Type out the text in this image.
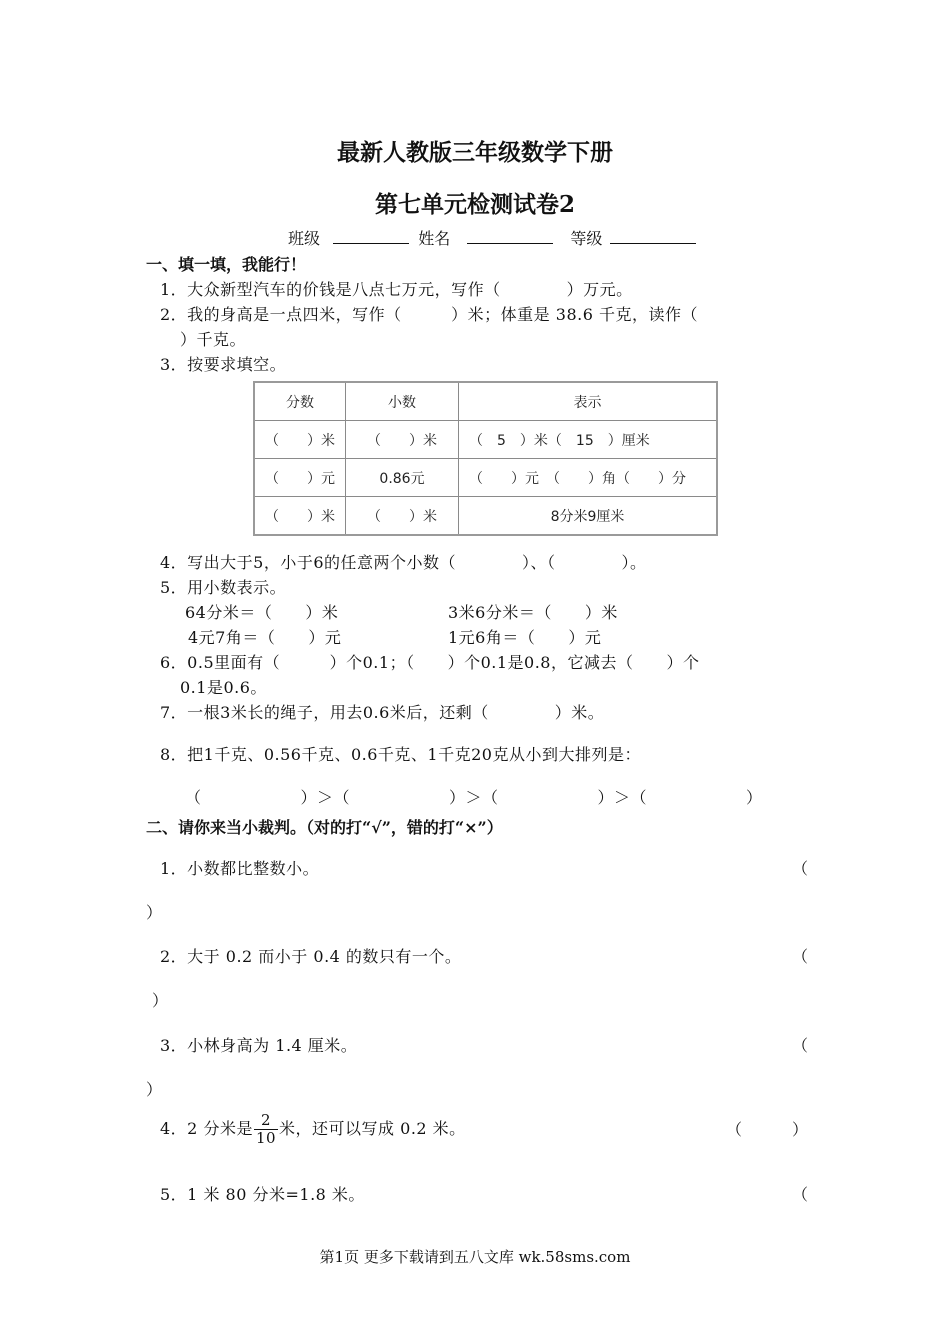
最新人教版三年级数学下册
第七单元检测试卷2
班级	姓名	等级
一、填一填，我能行！
1．大众新型汽车的价钱是八点七万元，写作（　　　　）万元。
2．我的身高是一点四米，写作（　　　）米；体重是 38.6 千克，读作（
）千克。
3．按要求填空。
分数	小数	表示
（　　）米	（　　）米	（　5　）米（　15　）厘米
（　　）元	0.86元	（　　）元　（　　）角（　　）分
（　　）米	（　　）米	8分米9厘米
4．写出大于5，小于6的任意两个小数（　　　　）、（　　　　）。
5．用小数表示。
64分米＝（　　）米	3米6分米＝（　　）米
4元7角＝（　　）元	1元6角＝（　　）元
6．0.5里面有（　　　）个0.1；（　　）个0.1是0.8，它减去（　　）个
0.1是0.6。
7．一根3米长的绳子，用去0.6米后，还剩（　　　　）米。
8．把1千克、0.56千克、0.6千克、1千克20克从小到大排列是：
（　　　　　　）＞（　　　　　　）＞（　　　　　　）＞（　　　　　　）
二、请你来当小裁判。（对的打“√”，错的打“×”）
1．小数都比整数小。	（
）
2．大于 0.2 而小于 0.4 的数只有一个。	（
）
3．小林身高为 1.4 厘米。	（
）
4．2 分米是 $\frac{2}{10}$ 米，还可以写成 0.2 米。	（　　　）
5．1 米 80 分米=1.8 米。	（
第1页 更多下载请到五八文库 wk.58sms.com
